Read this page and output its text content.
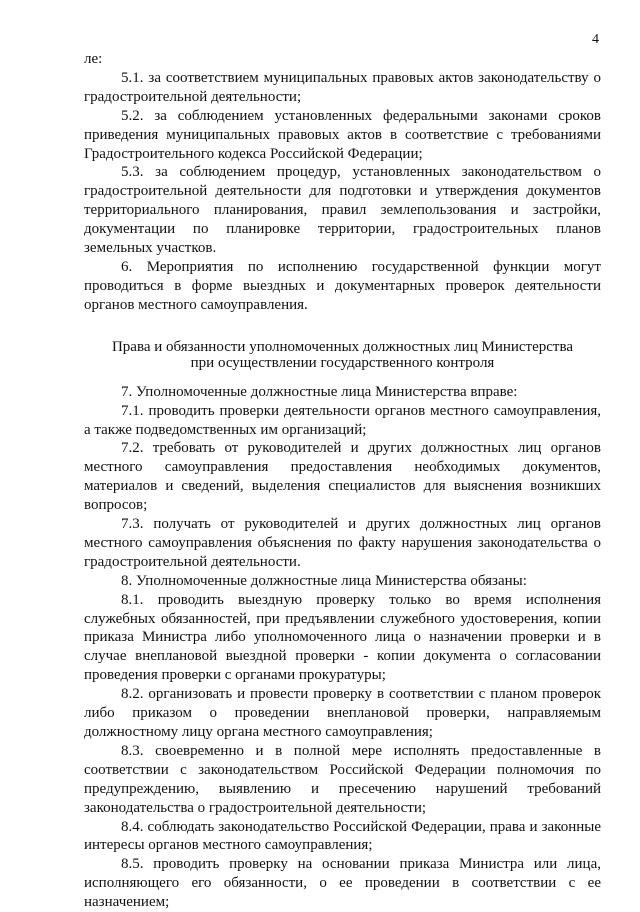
4

ле:

5.1. за соответствием муниципальных правовых актов законодательству о градостроительной деятельности;

5.2. за соблюдением установленных федеральными законами сроков приведения муниципальных правовых актов в соответствие с требованиями Градостроительного кодекса Российской Федерации;

5.3. за соблюдением процедур, установленных законодательством о градостроительной деятельности для подготовки и утверждения документов территориального планирования, правил землепользования и застройки, документации по планировке территории, градостроительных планов земельных участков.

6. Мероприятия по исполнению государственной функции могут проводиться в форме выездных и документарных проверок деятельности органов местного самоуправления.

Права и обязанности уполномоченных должностных лиц Министерства
при осуществлении государственного контроля

7. Уполномоченные должностные лица Министерства вправе:

7.1. проводить проверки деятельности органов местного самоуправления, а также подведомственных им организаций;

7.2. требовать от руководителей и других должностных лиц органов местного самоуправления предоставления необходимых документов, материалов и сведений, выделения специалистов для выяснения возникших вопросов;

7.3. получать от руководителей и других должностных лиц органов местного самоуправления объяснения по факту нарушения законодательства о градостроительной деятельности.

8. Уполномоченные должностные лица Министерства обязаны:

8.1. проводить выездную проверку только во время исполнения служебных обязанностей, при предъявлении служебного удостоверения, копии приказа Министра либо уполномоченного лица о назначении проверки и в случае внеплановой выездной проверки - копии документа о согласовании проведения проверки с органами прокуратуры;

8.2. организовать и провести проверку в соответствии с планом проверок либо приказом о проведении внеплановой проверки, направляемым должностному лицу органа местного самоуправления;

8.3. своевременно и в полной мере исполнять предоставленные в соответствии с законодательством Российской Федерации полномочия по предупреждению, выявлению и пресечению нарушений требований законодательства о градостроительной деятельности;

8.4. соблюдать законодательство Российской Федерации, права и законные интересы органов местного самоуправления;

8.5. проводить проверку на основании приказа Министра или лица, исполняющего его обязанности, о ее проведении в соответствии с ее назначением;
